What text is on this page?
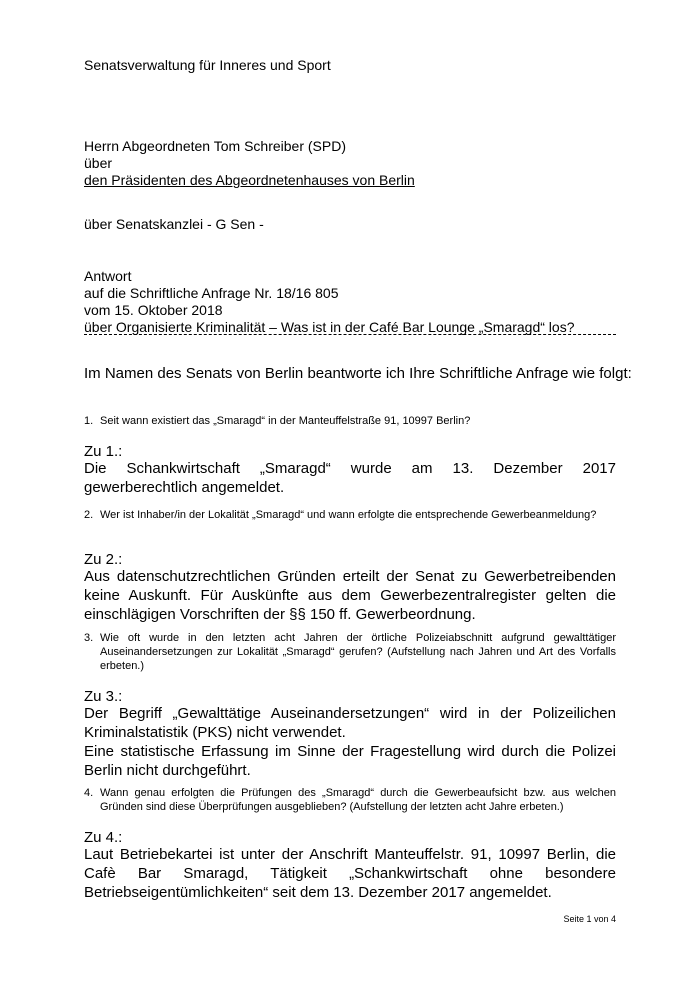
Senatsverwaltung für Inneres und Sport
Herrn Abgeordneten Tom Schreiber (SPD)
über
den Präsidenten des Abgeordnetenhauses von Berlin
über Senatskanzlei - G Sen -
Antwort
auf die Schriftliche Anfrage Nr. 18/16 805
vom 15. Oktober 2018
über Organisierte Kriminalität – Was ist in der Café Bar Lounge „Smaragd“ los?
Im Namen des Senats von Berlin beantworte ich Ihre Schriftliche Anfrage wie folgt:
1. Seit wann existiert das „Smaragd“ in der Manteuffelstraße 91, 10997 Berlin?
Zu 1.:
Die Schankwirtschaft „Smaragd“ wurde am 13. Dezember 2017 gewerberechtlich angemeldet.
2. Wer ist Inhaber/in der Lokalität „Smaragd“ und wann erfolgte die entsprechende Gewerbeanmeldung?
Zu 2.:
Aus datenschutzrechtlichen Gründen erteilt der Senat zu Gewerbetreibenden keine Auskunft. Für Auskünfte aus dem Gewerbezentralregister gelten die einschlägigen Vorschriften der §§ 150 ff. Gewerbeordnung.
3. Wie oft wurde in den letzten acht Jahren der örtliche Polizeiabschnitt aufgrund gewalttätiger Auseinandersetzungen zur Lokalität „Smaragd“ gerufen? (Aufstellung nach Jahren und Art des Vorfalls erbeten.)
Zu 3.:
Der Begriff „Gewalttätige Auseinandersetzungen“ wird in der Polizeilichen Kriminalstatistik (PKS) nicht verwendet.
Eine statistische Erfassung im Sinne der Fragestellung wird durch die Polizei Berlin nicht durchgeführt.
4. Wann genau erfolgten die Prüfungen des „Smaragd“ durch die Gewerbeaufsicht bzw. aus welchen Gründen sind diese Überprüfungen ausgeblieben? (Aufstellung der letzten acht Jahre erbeten.)
Zu 4.:
Laut Betriebekartei ist unter der Anschrift Manteuffelstr. 91, 10997 Berlin, die Cafè Bar Smaragd, Tätigkeit „Schankwirtschaft ohne besondere Betriebseigentümlichkeiten“ seit dem 13. Dezember 2017 angemeldet.
Seite 1 von 4
